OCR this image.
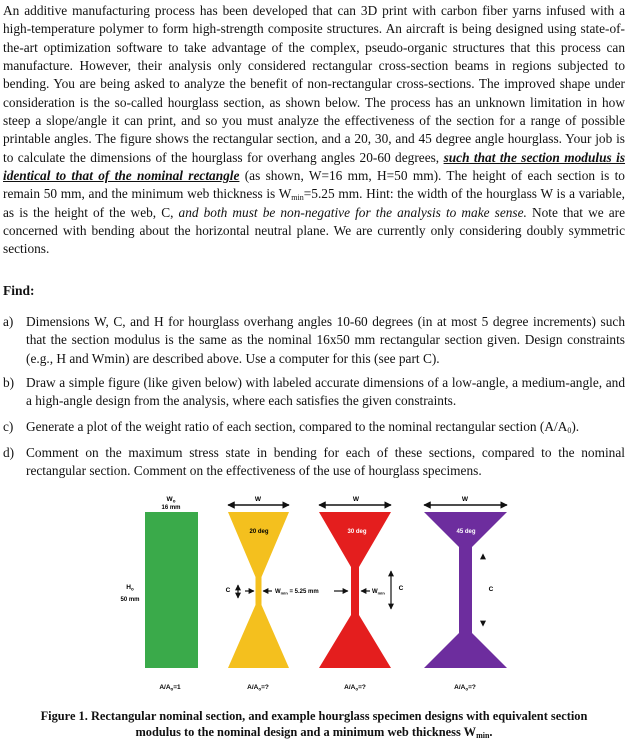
An additive manufacturing process has been developed that can 3D print with carbon fiber yarns infused with a high-temperature polymer to form high-strength composite structures. An aircraft is being designed using state-of-the-art optimization software to take advantage of the complex, pseudo-organic structures that this process can manufacture. However, their analysis only considered rectangular cross-section beams in regions subjected to bending. You are being asked to analyze the benefit of non-rectangular cross-sections. The improved shape under consideration is the so-called hourglass section, as shown below. The process has an unknown limitation in how steep a slope/angle it can print, and so you must analyze the effectiveness of the section for a range of possible printable angles. The figure shows the rectangular section, and a 20, 30, and 45 degree angle hourglass. Your job is to calculate the dimensions of the hourglass for overhang angles 20-60 degrees, such that the section modulus is identical to that of the nominal rectangle (as shown, W=16 mm, H=50 mm). The height of each section is to remain 50 mm, and the minimum web thickness is $W_{min}=5.25$ mm. Hint: the width of the hourglass W is a variable, as is the height of the web, C, and both must be non-negative for the analysis to make sense. Note that we are concerned with bending about the horizontal neutral plane. We are currently only considering doubly symmetric sections.

Find:

a) Dimensions W, C, and H for hourglass overhang angles 10-60 degrees (in at most 5 degree increments) such that the section modulus is the same as the nominal 16x50 mm rectangular section given. Design constraints (e.g., H and Wmin) are described above. Use a computer for this (see part C).
b) Draw a simple figure (like given below) with labeled accurate dimensions of a low-angle, a medium-angle, and a high-angle design from the analysis, where each satisfies the given constraints.
c) Generate a plot of the weight ratio of each section, compared to the nominal rectangular section $(A/A_0)$.
d) Comment on the maximum stress state in bending for each of these sections, compared to the nominal rectangular section. Comment on the effectiveness of the use of hourglass specimens.
$W_o$
16 mm
$H_o$
50 mm
$A/A_o=1$
W
20 deg
C	$W_{min} = 5.25$ mm
$A/A_o=$?
W
30 deg
$W_{min}$
C
$A/A_o=$?
W
45 deg
C
$A/A_o=$?

Figure 1. Rectangular nominal section, and example hourglass specimen designs with equivalent section modulus to the nominal design and a minimum web thickness $W_{min}$.
